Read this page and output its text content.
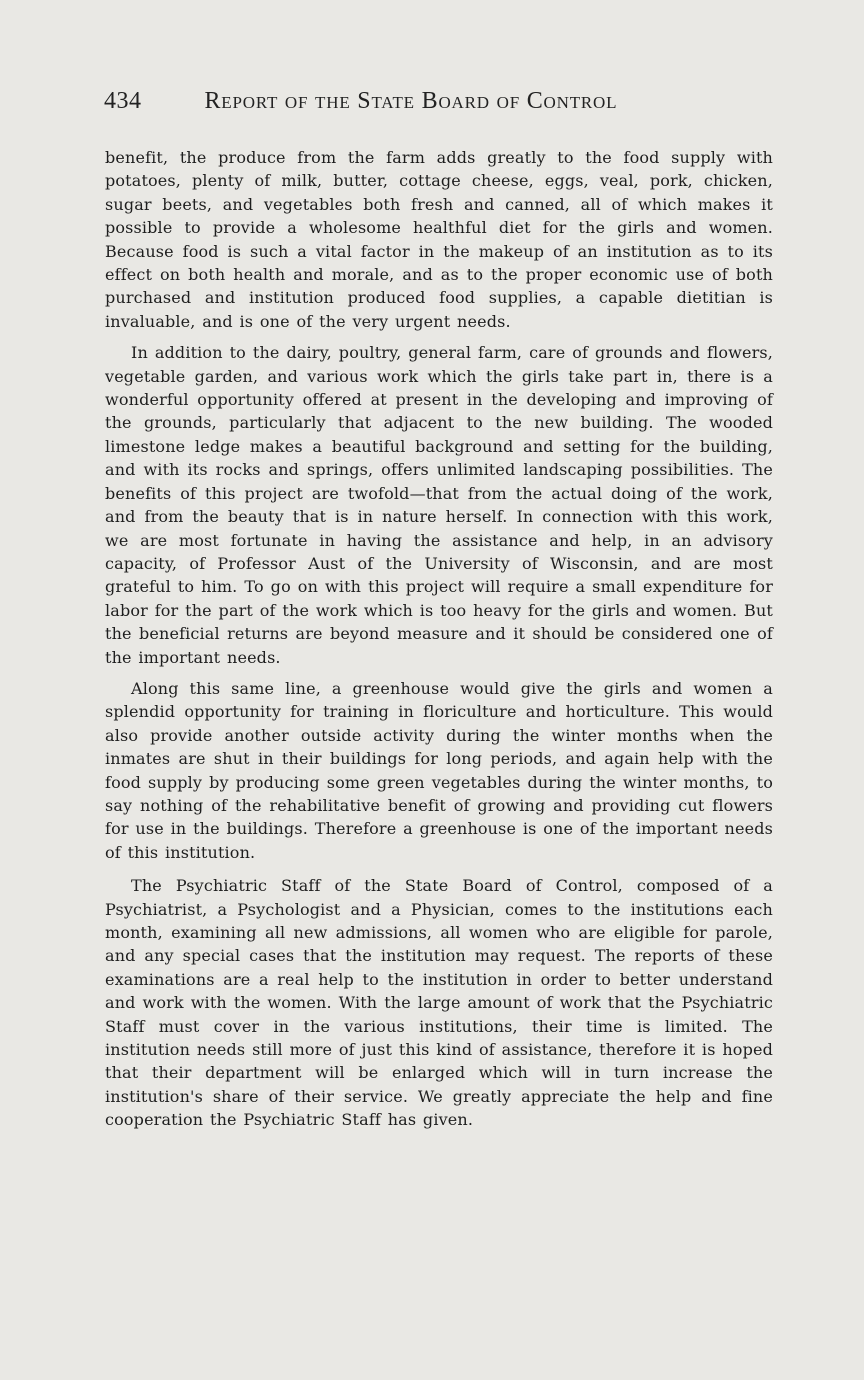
434	Report of the State Board of Control

benefit, the produce from the farm adds greatly to the food supply with potatoes, plenty of milk, butter, cottage cheese, eggs, veal, pork, chicken, sugar beets, and vegetables both fresh and canned, all of which makes it possible to provide a wholesome healthful diet for the girls and women. Because food is such a vital factor in the makeup of an institution as to its effect on both health and morale, and as to the proper economic use of both purchased and institution produced food supplies, a capable dietitian is invaluable, and is one of the very urgent needs.

In addition to the dairy, poultry, general farm, care of grounds and flowers, vegetable garden, and various work which the girls take part in, there is a wonderful opportunity offered at present in the developing and improving of the grounds, particularly that adjacent to the new building. The wooded limestone ledge makes a beautiful background and setting for the building, and with its rocks and springs, offers unlimited landscaping possibilities. The benefits of this project are twofold—that from the actual doing of the work, and from the beauty that is in nature herself. In connection with this work, we are most fortunate in having the assistance and help, in an advisory capacity, of Professor Aust of the University of Wisconsin, and are most grateful to him. To go on with this project will require a small expenditure for labor for the part of the work which is too heavy for the girls and women. But the beneficial returns are beyond measure and it should be considered one of the important needs.

Along this same line, a greenhouse would give the girls and women a splendid opportunity for training in floriculture and horticulture. This would also provide another outside activity during the winter months when the inmates are shut in their buildings for long periods, and again help with the food supply by producing some green vegetables during the winter months, to say nothing of the rehabilitative benefit of growing and providing cut flowers for use in the buildings. Therefore a greenhouse is one of the important needs of this institution.

The Psychiatric Staff of the State Board of Control, composed of a Psychiatrist, a Psychologist and a Physician, comes to the institutions each month, examining all new admissions, all women who are eligible for parole, and any special cases that the institution may request. The reports of these examinations are a real help to the institution in order to better understand and work with the women. With the large amount of work that the Psychiatric Staff must cover in the various institutions, their time is limited. The institution needs still more of just this kind of assistance, therefore it is hoped that their department will be enlarged which will in turn increase the institution's share of their service. We greatly appreciate the help and fine cooperation the Psychiatric Staff has given.
